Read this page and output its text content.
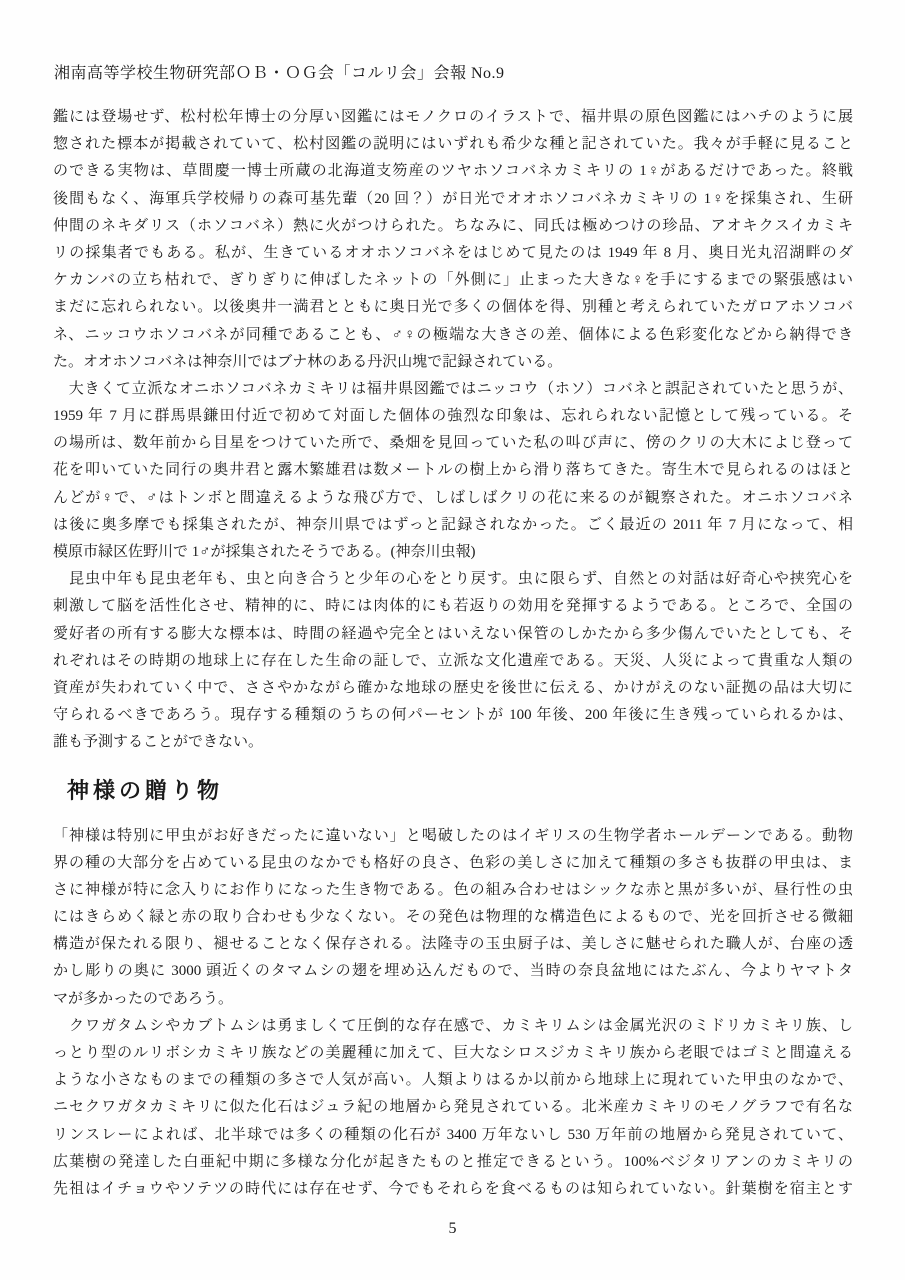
湘南高等学校生物研究部ＯＢ・ＯＧ会「コルリ会」会報 No.9
鑑には登場せず、松村松年博士の分厚い図鑑にはモノクロのイラストで、福井県の原色図鑑にはハチのように展
惣された標本が掲載されていて、松村図鑑の説明にはいずれも希少な種と記されていた。我々が手軽に見ること
のできる実物は、草間慶一博士所蔵の北海道支笏産のツヤホソコバネカミキリの 1♀があるだけであった。終戦
後間もなく、海軍兵学校帰りの森可基先輩（20 回？）が日光でオオホソコバネカミキリの 1♀を採集され、生研
仲間のネキダリス（ホソコバネ）熱に火がつけられた。ちなみに、同氏は極めつけの珍品、アオキクスイカミキ
リの採集者でもある。私が、生きているオオホソコバネをはじめて見たのは 1949 年 8 月、奥日光丸沼湖畔のダ
ケカンバの立ち枯れで、ぎりぎりに伸ばしたネットの「外側に」止まった大きな♀を手にするまでの緊張感はい
まだに忘れられない。以後奥井一満君とともに奥日光で多くの個体を得、別種と考えられていたガロアホソコバ
ネ、ニッコウホソコバネが同種であることも、♂♀の極端な大きさの差、個体による色彩変化などから納得でき
た。オオホソコバネは神奈川ではブナ林のある丹沢山塊で記録されている。
　大きくて立派なオニホソコバネカミキリは福井県図鑑ではニッコウ（ホソ）コバネと誤記されていたと思うが、
1959 年 7 月に群馬県鎌田付近で初めて対面した個体の強烈な印象は、忘れられない記憶として残っている。そ
の場所は、数年前から目星をつけていた所で、桑畑を見回っていた私の叫び声に、傍のクリの大木によじ登って
花を叩いていた同行の奥井君と露木繁雄君は数メートルの樹上から滑り落ちてきた。寄生木で見られるのはほと
んどが♀で、♂はトンボと間違えるような飛び方で、しばしばクリの花に来るのが観察された。オニホソコバネ
は後に奥多摩でも採集されたが、神奈川県ではずっと記録されなかった。ごく最近の 2011 年 7 月になって、相
模原市緑区佐野川で 1♂が採集されたそうである。(神奈川虫報)
　昆虫中年も昆虫老年も、虫と向き合うと少年の心をとり戻す。虫に限らず、自然との対話は好奇心や挟究心を
刺激して脳を活性化させ、精神的に、時には肉体的にも若返りの効用を発揮するようである。ところで、全国の
愛好者の所有する膨大な標本は、時間の経過や完全とはいえない保管のしかたから多少傷んでいたとしても、そ
れぞれはその時期の地球上に存在した生命の証しで、立派な文化遺産である。天災、人災によって貴重な人類の
資産が失われていく中で、ささやかながら確かな地球の歴史を後世に伝える、かけがえのない証拠の品は大切に
守られるべきであろう。現存する種類のうちの何パーセントが 100 年後、200 年後に生き残っていられるかは、
誰も予測することができない。
神様の贈り物
「神様は特別に甲虫がお好きだったに違いない」と喝破したのはイギリスの生物学者ホールデーンである。動物
界の種の大部分を占めている昆虫のなかでも格好の良さ、色彩の美しさに加えて種類の多さも抜群の甲虫は、ま
さに神様が特に念入りにお作りになった生き物である。色の組み合わせはシックな赤と黒が多いが、昼行性の虫
にはきらめく緑と赤の取り合わせも少なくない。その発色は物理的な構造色によるもので、光を回折させる微細
構造が保たれる限り、褪せることなく保存される。法隆寺の玉虫厨子は、美しさに魅せられた職人が、台座の透
かし彫りの奥に 3000 頭近くのタマムシの翅を埋め込んだもので、当時の奈良盆地にはたぶん、今よりヤマトタ
マが多かったのであろう。
　クワガタムシやカブトムシは勇ましくて圧倒的な存在感で、カミキリムシは金属光沢のミドリカミキリ族、し
っとり型のルリボシカミキリ族などの美麗種に加えて、巨大なシロスジカミキリ族から老眼ではゴミと間違える
ような小さなものまでの種類の多さで人気が高い。人類よりはるか以前から地球上に現れていた甲虫のなかで、
ニセクワガタカミキリに似た化石はジュラ紀の地層から発見されている。北米産カミキリのモノグラフで有名な
リンスレーによれば、北半球では多くの種類の化石が 3400 万年ないし 530 万年前の地層から発見されていて、
広葉樹の発達した白亜紀中期に多様な分化が起きたものと推定できるという。100%ベジタリアンのカミキリの
先祖はイチョウやソテツの時代には存在せず、今でもそれらを食べるものは知られていない。針葉樹を宿主とす
5
